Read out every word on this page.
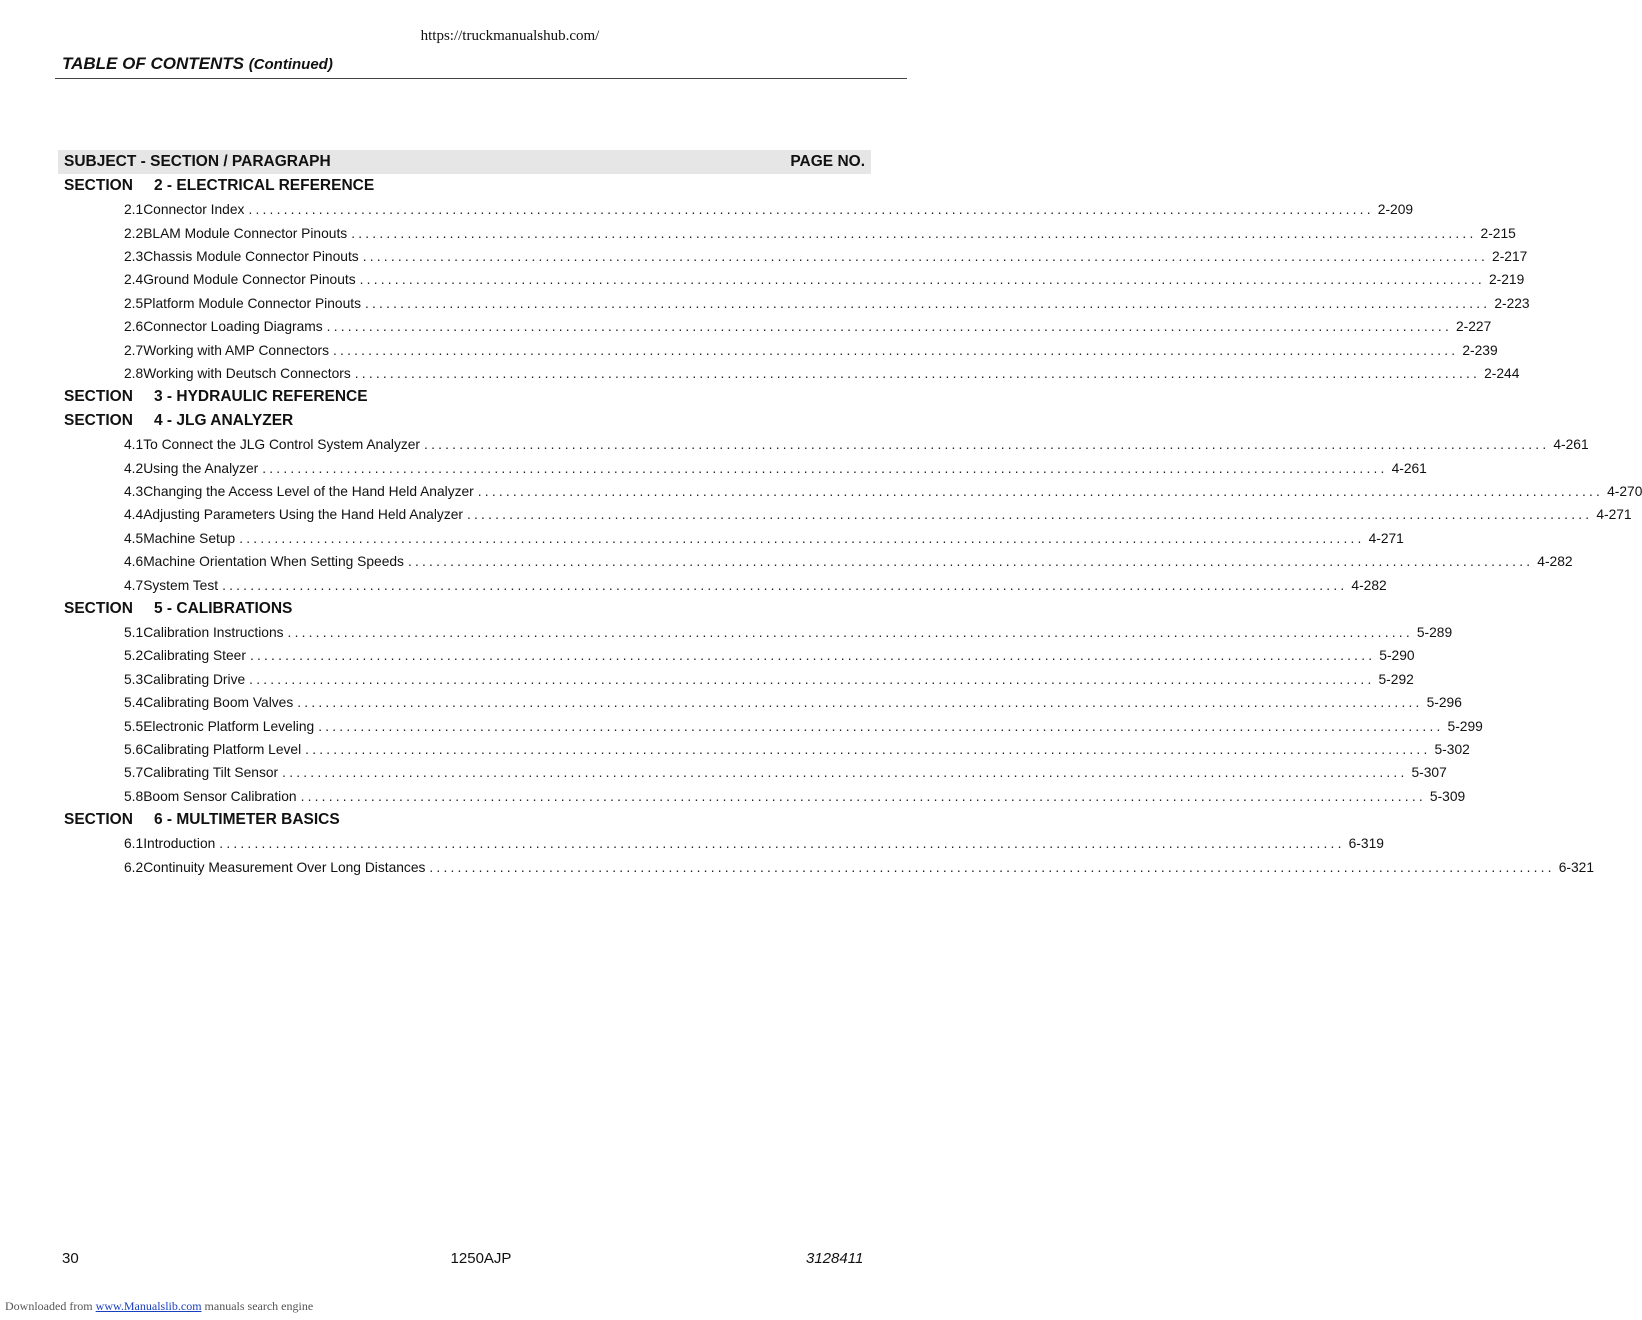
https://truckmanualshub.com/
TABLE OF CONTENTS (Continued)
SUBJECT - SECTION / PARAGRAPH	PAGE NO.
SECTION	2 - ELECTRICAL REFERENCE
2.1 Connector Index ................................................................................................................................................................ 2-209
2.2 BLAM Module Connector Pinouts ................................................................................................................................................................ 2-215
2.3 Chassis Module Connector Pinouts ................................................................................................................................................................ 2-217
2.4 Ground Module Connector Pinouts ................................................................................................................................................................ 2-219
2.5 Platform Module Connector Pinouts ................................................................................................................................................................ 2-223
2.6 Connector Loading Diagrams ................................................................................................................................................................ 2-227
2.7 Working with AMP Connectors ................................................................................................................................................................ 2-239
2.8 Working with Deutsch Connectors ................................................................................................................................................................ 2-244
SECTION	3 - HYDRAULIC REFERENCE
SECTION	4 - JLG ANALYZER
4.1 To Connect the JLG Control System Analyzer ................................................................................................................................................................ 4-261
4.2 Using the Analyzer ................................................................................................................................................................ 4-261
4.3 Changing the Access Level of the Hand Held Analyzer ................................................................................................................................................................ 4-270
4.4 Adjusting Parameters Using the Hand Held Analyzer ................................................................................................................................................................ 4-271
4.5 Machine Setup ................................................................................................................................................................ 4-271
4.6 Machine Orientation When Setting Speeds ................................................................................................................................................................ 4-282
4.7 System Test ................................................................................................................................................................ 4-282
SECTION	5 - CALIBRATIONS
5.1 Calibration Instructions ................................................................................................................................................................ 5-289
5.2 Calibrating Steer ................................................................................................................................................................ 5-290
5.3 Calibrating Drive ................................................................................................................................................................ 5-292
5.4 Calibrating Boom Valves ................................................................................................................................................................ 5-296
5.5 Electronic Platform Leveling ................................................................................................................................................................ 5-299
5.6 Calibrating Platform Level ................................................................................................................................................................ 5-302
5.7 Calibrating Tilt Sensor ................................................................................................................................................................ 5-307
5.8 Boom Sensor Calibration ................................................................................................................................................................ 5-309
SECTION	6 - MULTIMETER BASICS
6.1 Introduction ................................................................................................................................................................ 6-319
6.2 Continuity Measurement Over Long Distances ................................................................................................................................................................ 6-321
30	1250AJP	3128411
Downloaded from www.Manualslib.com manuals search engine
